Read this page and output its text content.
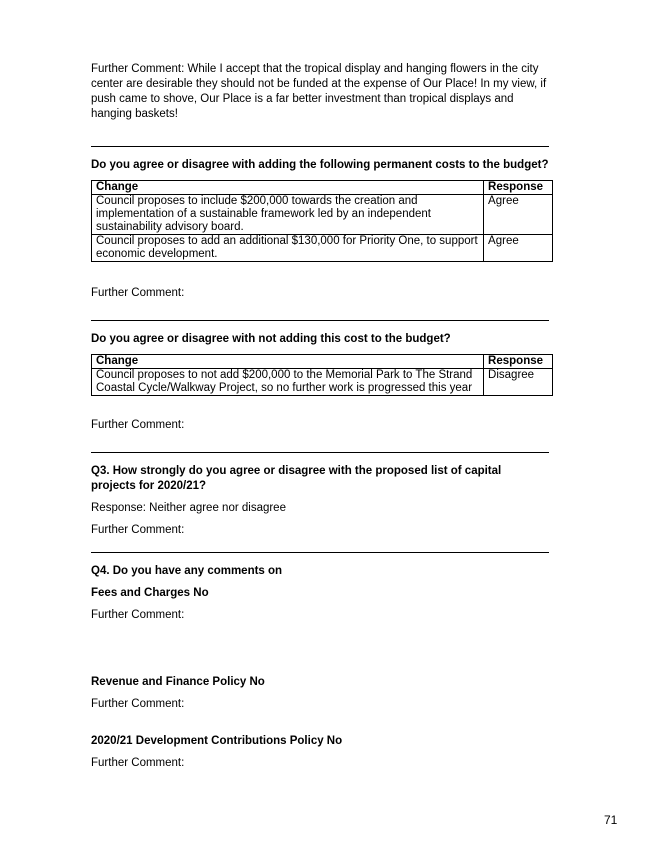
Further Comment: While I accept that the tropical display and hanging flowers in the city center are desirable they should not be funded at the expense of Our Place! In my view, if push came to shove, Our Place is a far better investment than tropical displays and hanging baskets!

Do you agree or disagree with adding the following permanent costs to the budget?

Change	Response
Council proposes to include $200,000 towards the creation and implementation of a sustainable framework led by an independent sustainability advisory board.	Agree
Council proposes to add an additional $130,000 for Priority One, to support economic development.	Agree

Further Comment:

Do you agree or disagree with not adding this cost to the budget?

Change	Response
Council proposes to not add $200,000 to the Memorial Park to The Strand Coastal Cycle/Walkway Project, so no further work is progressed this year	Disagree

Further Comment:

Q3. How strongly do you agree or disagree with the proposed list of capital projects for 2020/21?

Response: Neither agree nor disagree

Further Comment:

Q4. Do you have any comments on

Fees and Charges No

Further Comment:

Revenue and Finance Policy No

Further Comment:

2020/21 Development Contributions Policy No

Further Comment:

71
